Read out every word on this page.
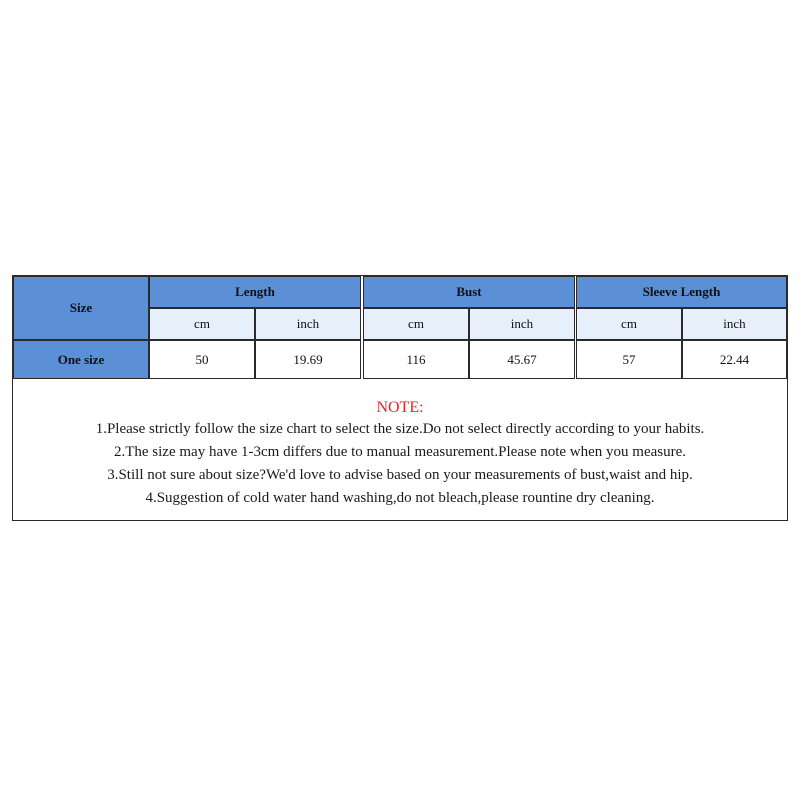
Size
Length	Bust	Sleeve Length
cm	inch	cm	inch	cm	inch
One size	50	19.69	116	45.67	57	22.44
NOTE:
1.Please strictly follow the size chart to select the size.Do not select directly according to your habits.
2.The size may have 1-3cm differs due to manual measurement.Please note when you measure.
3.Still not sure about size?We'd love to advise based on your measurements of bust,waist and hip.
4.Suggestion of cold water hand washing,do not bleach,please rountine dry cleaning.
